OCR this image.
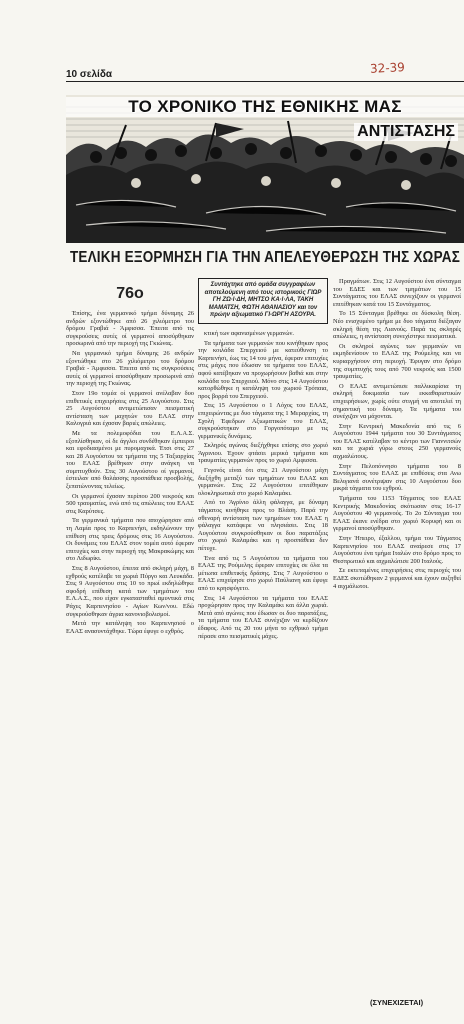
10 σελίδα	32-39
ΤΟ ΧΡΟΝΙΚΟ ΤΗΣ ΕΘΝΙΚΗΣ ΜΑΣ
ΑΝΤΙΣΤΑΣΗΣ
ΤΕΛΙΚΗ ΕΞΟΡΜΗΣΗ ΓΙΑ ΤΗΝ ΑΠΕΛΕΥΘΕΡΩΣΗ ΤΗΣ ΧΩΡΑΣ
76ο

Έπίσης, ένα γερμανικό τμήμα δύναμης 26 ανδρών εξοντώθηκε από 26 χιλιόμετρο του δρόμου Γραβιά - Άμφισσα. Έπειτα από τις συγκρούσεις αυτές οί γερμανοί αποσύρθηκαν προσωρινά από την περιοχή της Γκιώνας.

Να γερμανικό τμήμα δύναμης 26 ανδρών εξοντώθηκε στο 26 χιλιόμετρο του δρόμου Γραβιά - Άμφισσα. Έπειτα από τις συγκρούσεις αυτές οί γερμανοί αποσύρθηκαν προσωρινά από την περιοχή της Γκιώνας.

Στον 19ο τομέα οί γερμανοί ανέλαβαν δυο επιθετικές επιχειρήσεις στις 25 Αυγούστου. Στις 25 Αυγούστου αντιμετώπισαν πεισματική αντίσταση των μαχητών του ΕΛΑΣ στην Καλογριά και έχασαν βαριές απώλειες.

Με τα πολεμοφόδια του Ε.Λ.Α.Σ. εξοπλίσθηκαν, οί δε άγγλοι συνδέθηκαν έμπειροι και εφοδιασμένοι με πυρομαχικά. Έτσι στις 27 και 28 Αυγούστου τα τμήματα της 5 Ταξιαρχίας του ΕΛΑΣ βρέθηκαν στην ανάγκη να συμπτυχθούν. Στις 30 Αυγούστου οί γερμανοί, έστειλαν από θαλάσσης προσπάθεια προσβολής, ξεπατώνοντας τελείως.

Οι γερμανοί έχασαν περίπου 200 νεκρούς και 500 τραυματίες, ενώ από τις απώλειες του ΕΛΑΣ στις Καρύτσες.

Τα γερμανικά τμήματα που αποχώρησαν από τη Λαμία προς το Καρπενήσι, εκδηλώνουν την επίθεση στις τρεις δρόμους στις 16 Αυγούστου. Οι δυνάμεις του ΕΛΑΣ στον τομέα αυτό έφεραν επιτυχίες και στην περιοχή της Μακρακώμης και στο Λιδωρίκι.

Στις 8 Αυγούστου, έπειτα από σκληρή μάχη, 8 εχθρούς κατέλαβε τα χωριά Πύργο και Λευκάδα. Στις 9 Αυγούστου στις 10 το πρωί εκδηλώθηκε σφοδρή επίθεση κατά των τμημάτων του Ε.Λ.Α.Σ., που είχαν εγκατασταθεί αμυντικά στις Ράχες Καρπενησίου - Αγίων Κων/νου. Εδώ συγκρούσθηκαν άγρια κανονιοβολισμοί.

Μετά την κατάληψη του Καρπενησιού ο ΕΛΑΣ ανασυντάχθηκε. Τώρα έφυγε ο εχθρός.

Συντάχτηκε από ομάδα συγγραφέων αποτελούμενη από τους ιστορικούς ΓΙΩΡ ΓΗ ΖΩ·Ι·ΔΗ, ΜΗΤΣΟ ΚΑ·Ι·ΛΑ, ΤΑΚΗ ΜΑΜΑΤΣΗ, ΦΩΤΗ ΑΘΑΝΑΣΙΟΥ και τον πρώην αξιωματικό ΓΙ-ΩΡΓΗ ΑΣΟΥΡΑ.

κτική των αφανισμένων γερμανών.

Τα τμήματα των γερμανών που κινήθηκαν προς την κοιλάδα Σπερχειού με κατεύθυνση το Καρπενήσι, έως τις 14 του μήνα, έφεραν επιτυχίες στις μάχες που έδωσαν τα τμήματα του ΕΛΑΣ, αφού κατέβηκαν να προχωρήσουν βαθιά και στην κοιλάδα του Σπερχειού. Μόνο στις 14 Αυγούστου κατορθώθηκε η κατάληψη του χωριού Τρόπαια, προς βορρά του Σπερχειού.

Στις 15 Αυγούστου ο 1 Λόχος του ΕΛΑΣ, επιχειρώντας με δυο τάγματα της 1 Μεραρχίας, τη Σχολή Έφεδρων Αξιωματικών του ΕΛΑΣ, συγκρούστηκαν στο Γοργοπόταμο με τις γερμανικές δυνάμεις.

Σκληρός αγώνας διεξήχθηκε επίσης στο χωριό Άγρινιου. Έχουν φτάσει μερικά τμήματα και τραυματίες γερμανών προς το χωριό Αμφισσα.

Γεγονός είναι ότι στις 21 Αυγούστου μάχη διεξήχθη μεταξύ των τμημάτων του ΕΛΑΣ και γερμανών. Στις 22 Αυγούστου επιτέθηκαν ολοκληρωτικά στο χωριό Καλαμάκι.

Από το Άγρίνιο άλλη φάλαγγα, με δύναμη τάγματος κινήθηκε προς το Βλάση. Παρά την σθεναρή αντίσταση των τμημάτων του ΕΛΑΣ η φάλαγγα κατάφερε να πλησιάσει. Στις 18 Αυγούστου συγκρούσθηκαν οι δυο παρατάξεις στο χωριό Καλαμάκι και η προσπάθεια δεν πέτυχε.

Ένα από τις 5 Αυγούστου τα τμήματα του ΕΛΑΣ της Ρούμελης έφεραν επιτυχίες σε όλα τα μέτωπα επιθετικής δράσης. Στις 7 Αυγούστου ο ΕΛΑΣ επιχείρησε στο χωριό Παύλιανη και έφυγε από το κρησφύγετο.

Στις 14 Αυγούστου τα τμήματα του ΕΛΑΣ προχώρησαν προς την Καλαμάκι και άλλα χωριά. Μετά από αγώνες που έδωσαν οι δυο παρατάξεις, τα τμήματα του ΕΛΑΣ συνέχιζαν να κερδίζουν έδαφος. Από τις 20 του μήνα το εχθρικό τμήμα πέρασε απο πεισματικές μάχες.

Πραγμάτων. Στις 12 Αυγούστου ένα σύνταγμα του ΕΔΕΣ και των τμημάτων του 15 Συντάγματος του ΕΛΑΣ συνεχίζουν οι γερμανοί επιτέθηκαν κατά του 15 Συντάγματος.

Το 15 Σύνταγμα βρέθηκε σε δύσκολη θέση. Νέο ενισχυμένο τμήμα με δυο τάγματα διέξαγαν σκληρή θέση της Λιανούς. Παρά τις σκληρές απώλειες, η αντίσταση συνεχίστηκε πεισματικά.

Οι σκληροί αγώνες των γερμανών να εκμηδενίσουν το ΕΛΑΣ της Ρούμελης και να κυριαρχήσουν στη περιοχή. Έφυγαν στο δρόμο της συμπτυχής τους από 700 νεκρούς και 1500 τραυματίες.

Ο ΕΛΑΣ αντιμετώπισε παλλικαρίσια τη σκληρή δοκιμασία των εκκαθαριστικών επιχειρήσεων, χωρίς ούτε στιγμή να αποτελεί τη σημαντική του δύναμη. Τα τμήματα του συνέχιζαν να μάχονται.

Στην Κεντρική Μακεδονία από τις 6 Αυγούστου 1944 τμήματα του 30 Συντάγματος του ΕΛΑΣ κατέλαβαν το κέντρο των Γιαννιτσών και τα χωριά γύρω στους 250 γερμανούς αιχμαλώτους.

Στην Πελοπόννησο τμήματα του 8 Συντάγματος του ΕΛΑΣ με επιθέσεις στα Ανω Βελιγιανά συνέτριψαν στις 10 Αυγούστου δυο μικρά τάγματα του εχθρού.

Τμήματα του 1153 Τάγματος του ΕΛΑΣ Κεντρικής Μακεδονίας σκότωσαν στις 16-17 Αυγούστου 40 γερμανούς. Το 2ο Σύνταγμα του ΕΛΑΣ έκανε ενέδρα στο χωριό Κορυφή και οι γερμανοί αποσύρθηκαν.

Στην Ήπειρο, έξαλλου, τμήμα του Τάγματος Καρπενησίου του ΕΛΑΣ αναίρεσε στις 17 Αυγούστου ένα τμήμα Ιταλών στο δρόμο προς το Θεσπρωτικό και αιχμαλώτισε 200 Ιταλούς.

Σε εκτεταμένες επιχειρήσεις στις περιοχές του ΕΔΕΣ σκοτώθηκαν 2 γερμανοί και έχουν αυξηθεί 4 αιχμάλωτοι.

(ΣΥΝΕΧΙΖΕΤΑΙ)
